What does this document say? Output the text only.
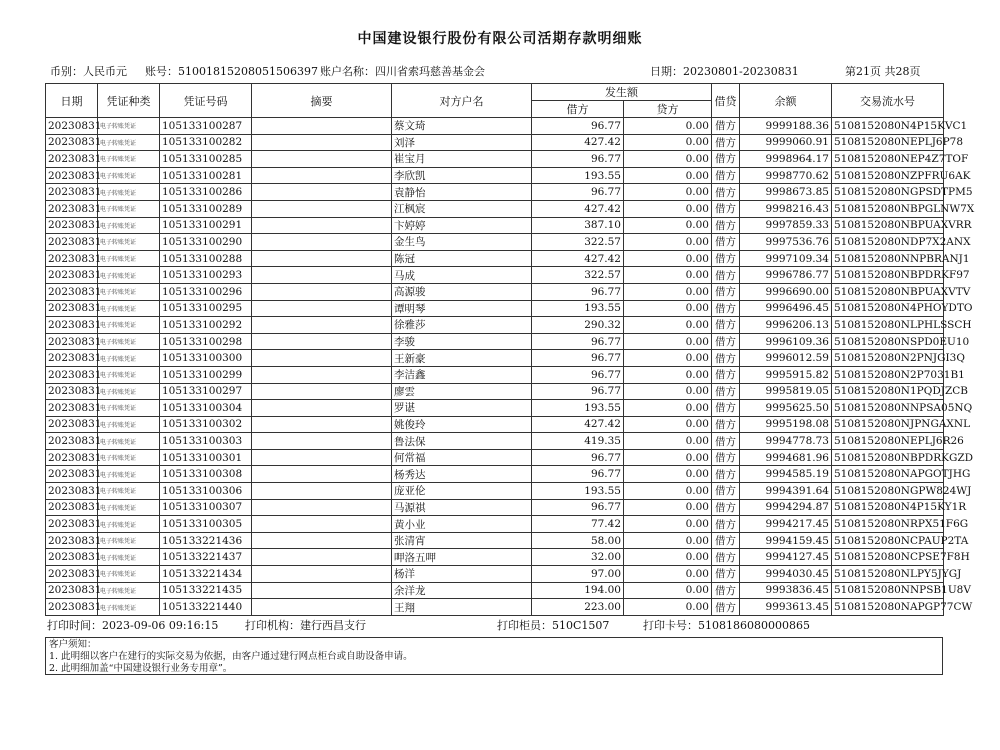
中国建设银行股份有限公司活期存款明细账
币别：人民币元 账号：51001815208051506397 账户名称：四川省索玛慈善基金会	日期：20230801-20230831	第21页 共28页
日期	凭证种类	凭证号码	摘要	对方户名	发生额		借贷	余额	交易流水号
					借方	贷方			
20230831	电子转账凭证	105133100287		蔡文琦	96.77	0.00	借方	9999188.36	5108152080N4P15KVC1
20230831	电子转账凭证	105133100282		刘泽	427.42	0.00	借方	9999060.91	5108152080NEPLJ6P78
20230831	电子转账凭证	105133100285		崔宝月	96.77	0.00	借方	9998964.17	5108152080NEP4Z7TOF
20230831	电子转账凭证	105133100281		李欣凯	193.55	0.00	借方	9998770.62	5108152080NZPFRU6AK
20230831	电子转账凭证	105133100286		袁静怡	96.77	0.00	借方	9998673.85	5108152080NGPSDTPM5
20230831	电子转账凭证	105133100289		江枫宸	427.42	0.00	借方	9998216.43	5108152080NBPGLNW7X
20230831	电子转账凭证	105133100291		卞婷婷	387.10	0.00	借方	9997859.33	5108152080NBPUAXVRR
20230831	电子转账凭证	105133100290		金生鸟	322.57	0.00	借方	9997536.76	5108152080NDP7X2ANX
20230831	电子转账凭证	105133100288		陈冠	427.42	0.00	借方	9997109.34	5108152080NNPBRANJ1
20230831	电子转账凭证	105133100293		马成	322.57	0.00	借方	9996786.77	5108152080NBPDRKF97
20230831	电子转账凭证	105133100296		高源骏	96.77	0.00	借方	9996690.00	5108152080NBPUAXVTV
20230831	电子转账凭证	105133100295		谭明琴	193.55	0.00	借方	9996496.45	5108152080N4PHOYDTO
20230831	电子转账凭证	105133100292		徐雅莎	290.32	0.00	借方	9996206.13	5108152080NLPHLSSCH
20230831	电子转账凭证	105133100298		李骏	96.77	0.00	借方	9996109.36	5108152080NSPD0EU10
20230831	电子转账凭证	105133100300		王新豪	96.77	0.00	借方	9996012.59	5108152080N2PNJGI3Q
20230831	电子转账凭证	105133100299		李洁鑫	96.77	0.00	借方	9995915.82	5108152080N2P7031B1
20230831	电子转账凭证	105133100297		廖雲	96.77	0.00	借方	9995819.05	5108152080N1PQDJZCB
20230831	电子转账凭证	105133100304		罗谌	193.55	0.00	借方	9995625.50	5108152080NNPSA05NQ
20230831	电子转账凭证	105133100302		姚俊玲	427.42	0.00	借方	9995198.08	5108152080NJPNGAXNL
20230831	电子转账凭证	105133100303		鲁法保	419.35	0.00	借方	9994778.73	5108152080NEPLJ6R26
20230831	电子转账凭证	105133100301		何常福	96.77	0.00	借方	9994681.96	5108152080NBPDRKGZD
20230831	电子转账凭证	105133100308		杨秀达	96.77	0.00	借方	9994585.19	5108152080NAPGOTJHG
20230831	电子转账凭证	105133100306		庞亚伦	193.55	0.00	借方	9994391.64	5108152080NGPW824WJ
20230831	电子转账凭证	105133100307		马源祺	96.77	0.00	借方	9994294.87	5108152080N4P15KY1R
20230831	电子转账凭证	105133100305		黄小业	77.42	0.00	借方	9994217.45	5108152080NRPX51F6G
20230831	电子转账凭证	105133221436		张清宵	58.00	0.00	借方	9994159.45	5108152080NCPAUP2TA
20230831	电子转账凭证	105133221437		呷洛五呷	32.00	0.00	借方	9994127.45	5108152080NCPSE7F8H
20230831	电子转账凭证	105133221434		杨洋	97.00	0.00	借方	9994030.45	5108152080NLPY5JYGJ
20230831	电子转账凭证	105133221435		余洋龙	194.00	0.00	借方	9993836.45	5108152080NNPSB1U8V
20230831	电子转账凭证	105133221440		王翔	223.00	0.00	借方	9993613.45	5108152080NAPGP77CW
打印时间：2023-09-06 09:16:15 打印机构：建行西昌支行	打印柜员：510C1507	打印卡号：5108186080000865
客户须知：
1. 此明细以客户在建行的实际交易为依据，由客户通过建行网点柜台或自助设备申请。
2. 此明细加盖“中国建设银行业务专用章”。
